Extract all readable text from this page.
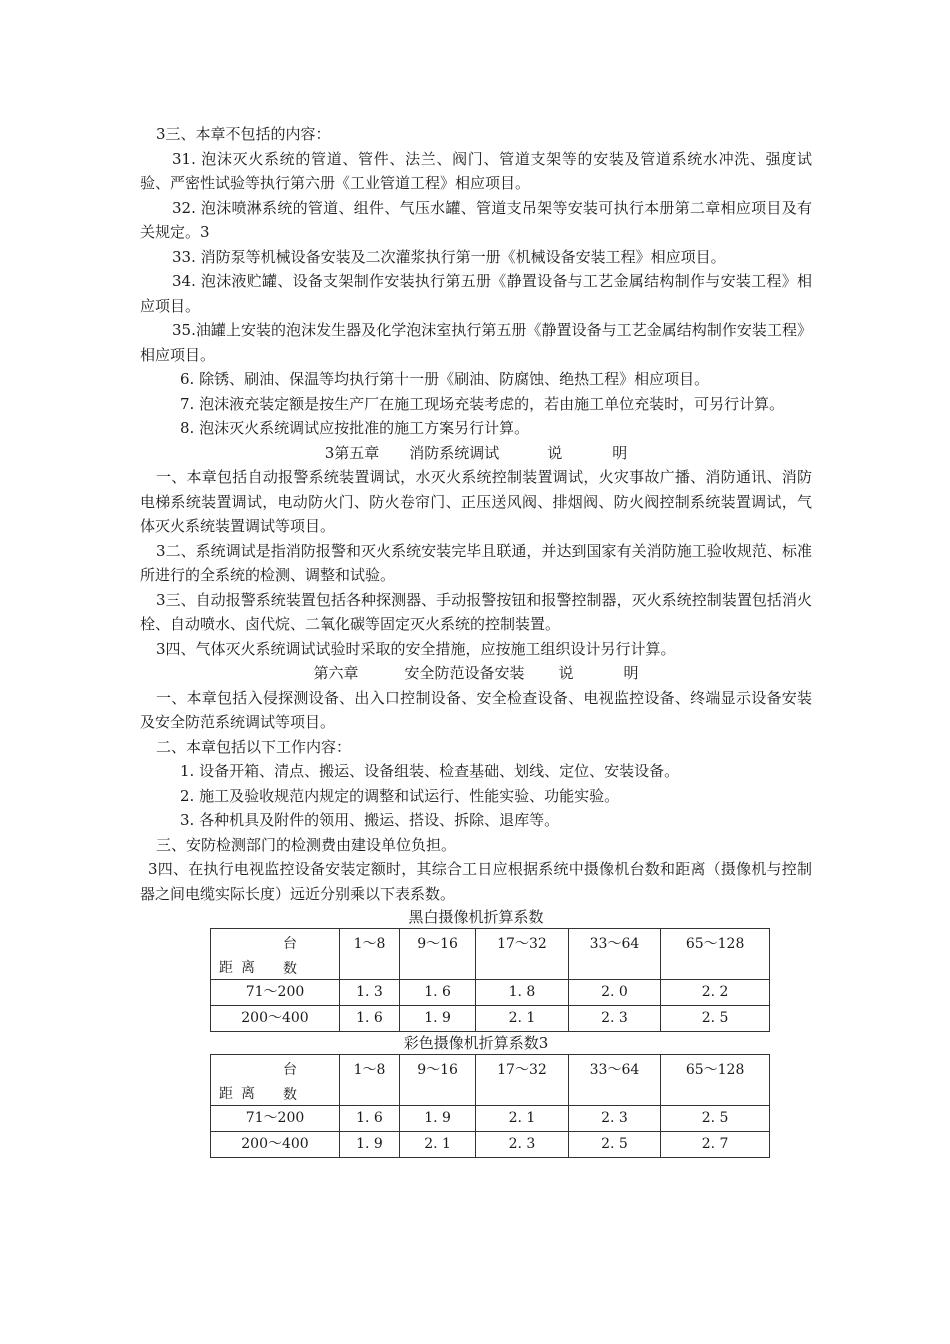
3三、本章不包括的内容：

31. 泡沫灭火系统的管道、管件、法兰、阀门、管道支架等的安装及管道系统水冲洗、强度试验、严密性试验等执行第六册《工业管道工程》相应项目。

32. 泡沫喷淋系统的管道、组件、气压水罐、管道支吊架等安装可执行本册第二章相应项目及有关规定。3

33. 消防泵等机械设备安装及二次灌浆执行第一册《机械设备安装工程》相应项目。

34. 泡沫液贮罐、设备支架制作安装执行第五册《静置设备与工艺金属结构制作与安装工程》相应项目。

35.油罐上安装的泡沫发生器及化学泡沫室执行第五册《静置设备与工艺金属结构制作安装工程》相应项目。

6. 除锈、刷油、保温等均执行第十一册《刷油、防腐蚀、绝热工程》相应项目。

7. 泡沫液充装定额是按生产厂在施工现场充装考虑的，若由施工单位充装时，可另行计算。

8. 泡沫灭火系统调试应按批准的施工方案另行计算。

3第五章 消防系统调试	说	明

一、本章包括自动报警系统装置调试，水灭火系统控制装置调试，火灾事故广播、消防通讯、消防电梯系统装置调试，电动防火门、防火卷帘门、正压送风阀、排烟阀、防火阀控制系统装置调试，气体灭火系统装置调试等项目。

3二、系统调试是指消防报警和灭火系统安装完毕且联通，并达到国家有关消防施工验收规范、标准所进行的全系统的检测、调整和试验。

3三、自动报警系统装置包括各种探测器、手动报警按钮和报警控制器，灭火系统控制装置包括消火栓、自动喷水、卤代烷、二氧化碳等固定灭火系统的控制装置。

3四、气体灭火系统调试试验时采取的安全措施，应按施工组织设计另行计算。

第六章	安全防范设备安装 说	明

一、本章包括入侵探测设备、出入口控制设备、安全检查设备、电视监控设备、终端显示设备安装及安全防范系统调试等项目。

二、本章包括以下工作内容：

1. 设备开箱、清点、搬运、设备组装、检查基础、划线、定位、安装设备。

2. 施工及验收规范内规定的调整和试运行、性能实验、功能实验。

3. 各种机具及附件的领用、搬运、搭设、拆除、退库等。

三、安防检测部门的检测费由建设单位负担。

3四、在执行电视监控设备安装定额时，其综合工日应根据系统中摄像机台数和距离（摄像机与控制器之间电缆实际长度）远近分别乘以下表系数。

黑白摄像机折算系数

台数
距离	1～8	9～16	17～32	33～64	65～128
71～200	1. 3	1. 6	1. 8	2. 0	2. 2
200～400	1. 6	1. 9	2. 1	2. 3	2. 5

彩色摄像机折算系数3

台数
距离	1～8	9～16	17～32	33～64	65～128
71～200	1. 6	1. 9	2. 1	2. 3	2. 5
200～400	1. 9	2. 1	2. 3	2. 5	2. 7
